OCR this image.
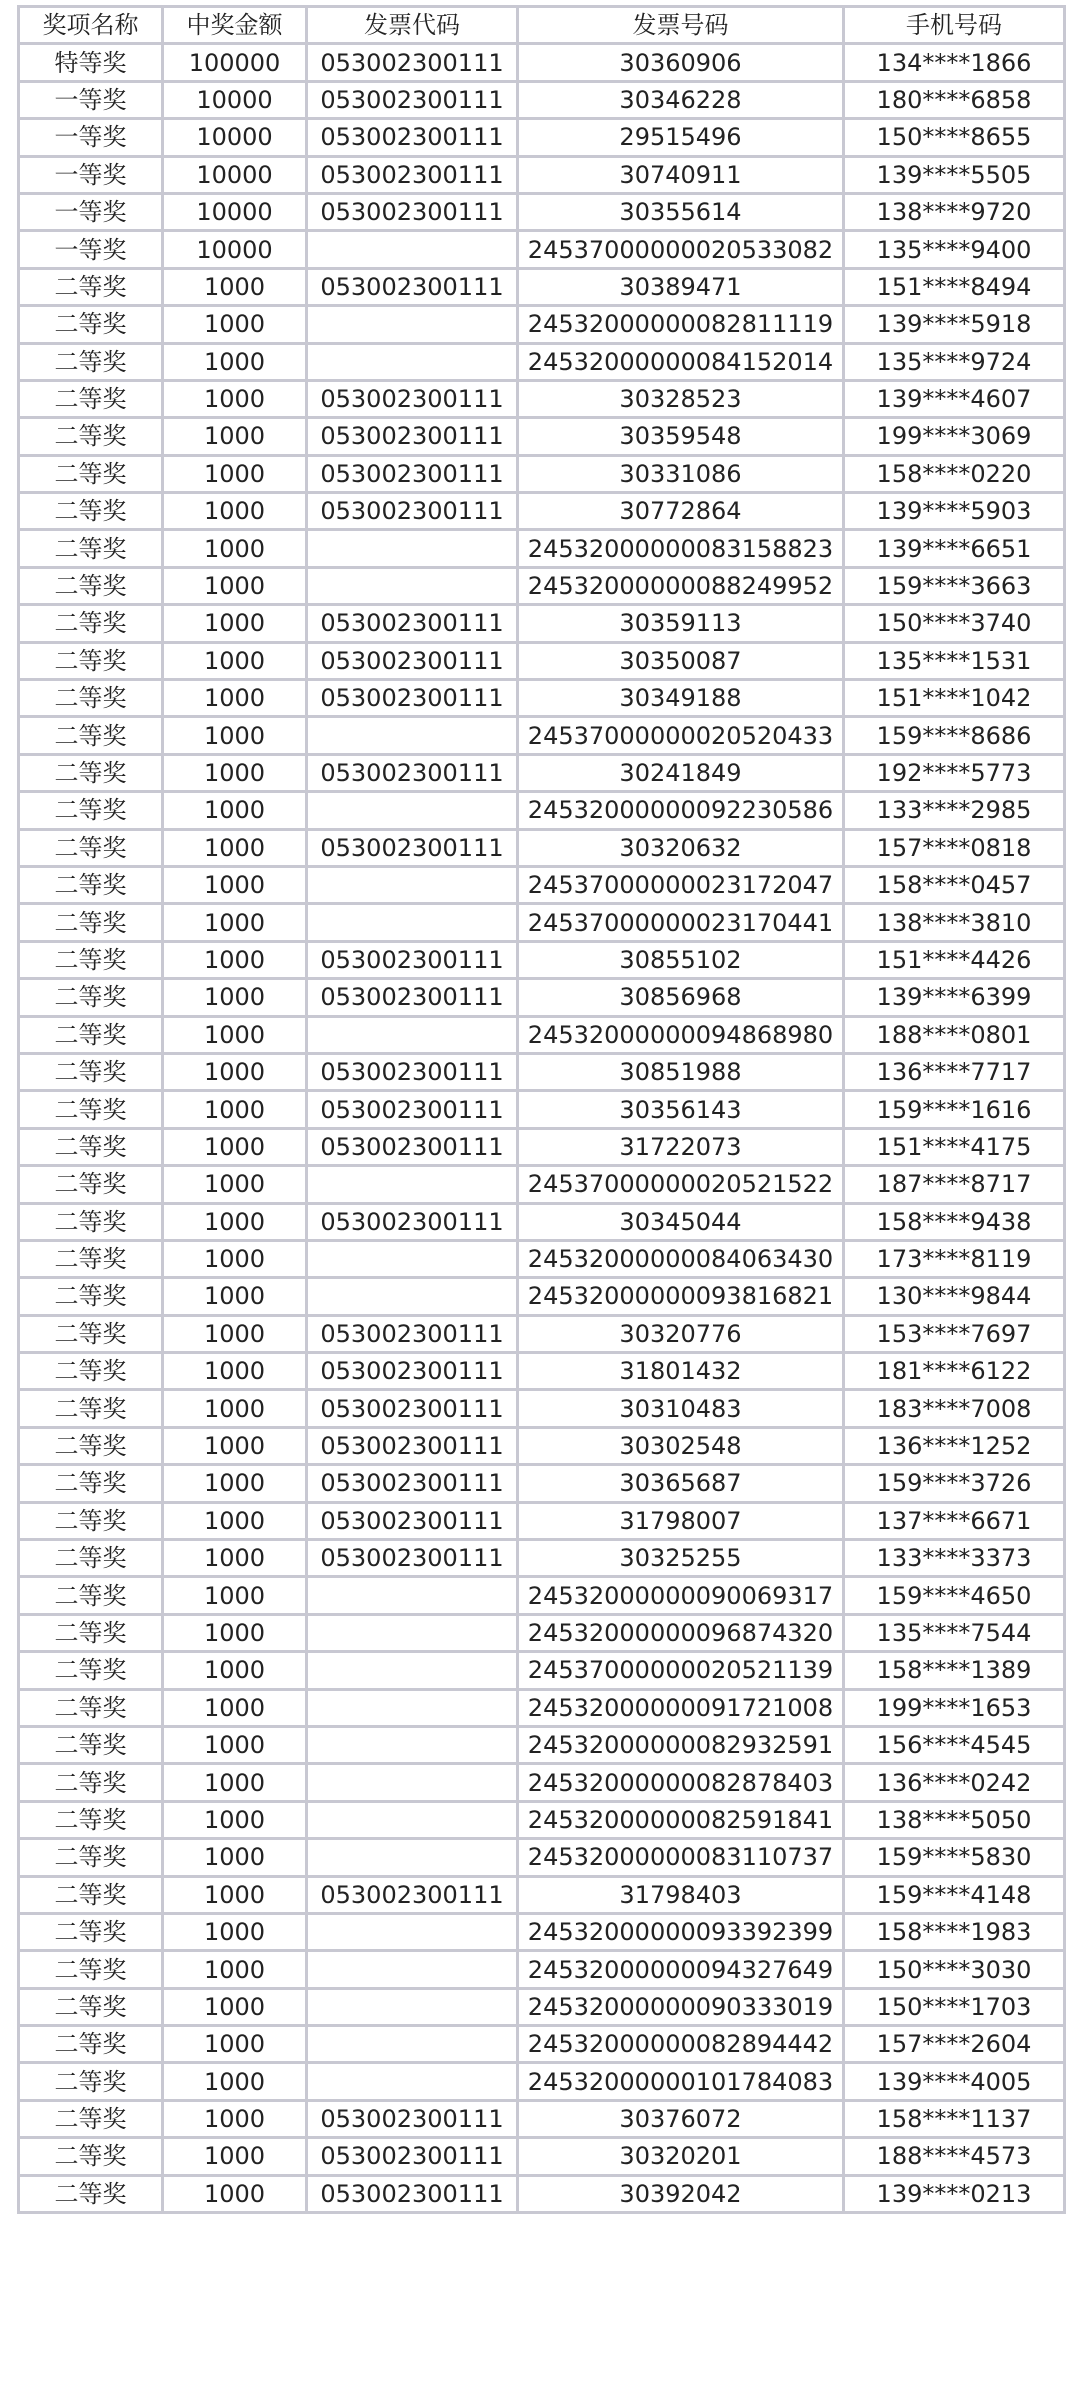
奖项名称	中奖金额	发票代码	发票号码	手机号码
特等奖	100000	053002300111	30360906	134****1866
一等奖	10000	053002300111	30346228	180****6858
一等奖	10000	053002300111	29515496	150****8655
一等奖	10000	053002300111	30740911	139****5505
一等奖	10000	053002300111	30355614	138****9720
一等奖	10000		24537000000020533082	135****9400
二等奖	1000	053002300111	30389471	151****8494
二等奖	1000		24532000000082811119	139****5918
二等奖	1000		24532000000084152014	135****9724
二等奖	1000	053002300111	30328523	139****4607
二等奖	1000	053002300111	30359548	199****3069
二等奖	1000	053002300111	30331086	158****0220
二等奖	1000	053002300111	30772864	139****5903
二等奖	1000		24532000000083158823	139****6651
二等奖	1000		24532000000088249952	159****3663
二等奖	1000	053002300111	30359113	150****3740
二等奖	1000	053002300111	30350087	135****1531
二等奖	1000	053002300111	30349188	151****1042
二等奖	1000		24537000000020520433	159****8686
二等奖	1000	053002300111	30241849	192****5773
二等奖	1000		24532000000092230586	133****2985
二等奖	1000	053002300111	30320632	157****0818
二等奖	1000		24537000000023172047	158****0457
二等奖	1000		24537000000023170441	138****3810
二等奖	1000	053002300111	30855102	151****4426
二等奖	1000	053002300111	30856968	139****6399
二等奖	1000		24532000000094868980	188****0801
二等奖	1000	053002300111	30851988	136****7717
二等奖	1000	053002300111	30356143	159****1616
二等奖	1000	053002300111	31722073	151****4175
二等奖	1000		24537000000020521522	187****8717
二等奖	1000	053002300111	30345044	158****9438
二等奖	1000		24532000000084063430	173****8119
二等奖	1000		24532000000093816821	130****9844
二等奖	1000	053002300111	30320776	153****7697
二等奖	1000	053002300111	31801432	181****6122
二等奖	1000	053002300111	30310483	183****7008
二等奖	1000	053002300111	30302548	136****1252
二等奖	1000	053002300111	30365687	159****3726
二等奖	1000	053002300111	31798007	137****6671
二等奖	1000	053002300111	30325255	133****3373
二等奖	1000		24532000000090069317	159****4650
二等奖	1000		24532000000096874320	135****7544
二等奖	1000		24537000000020521139	158****1389
二等奖	1000		24532000000091721008	199****1653
二等奖	1000		24532000000082932591	156****4545
二等奖	1000		24532000000082878403	136****0242
二等奖	1000		24532000000082591841	138****5050
二等奖	1000		24532000000083110737	159****5830
二等奖	1000	053002300111	31798403	159****4148
二等奖	1000		24532000000093392399	158****1983
二等奖	1000		24532000000094327649	150****3030
二等奖	1000		24532000000090333019	150****1703
二等奖	1000		24532000000082894442	157****2604
二等奖	1000		24532000000101784083	139****4005
二等奖	1000	053002300111	30376072	158****1137
二等奖	1000	053002300111	30320201	188****4573
二等奖	1000	053002300111	30392042	139****0213
